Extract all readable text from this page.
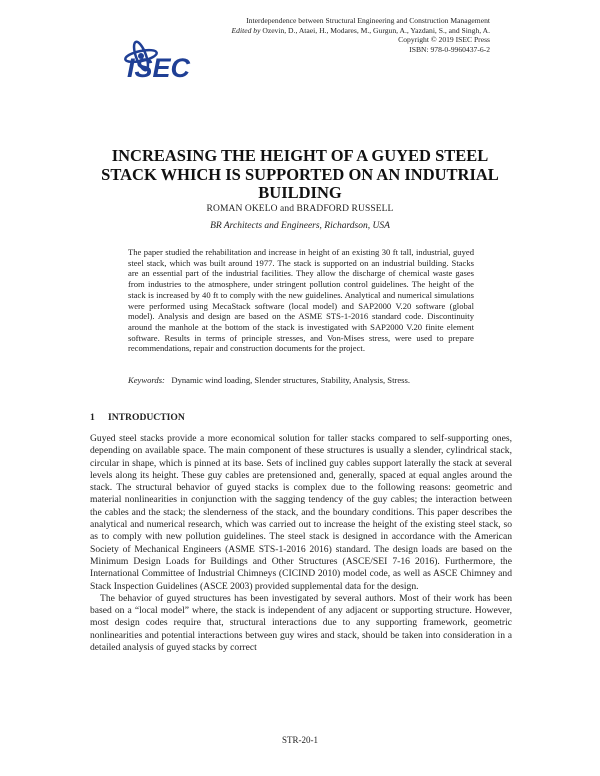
ISEC
Interdependence between Structural Engineering and Construction Management
Edited by Ozevin, D., Ataei, H., Modares, M., Gurgun, A., Yazdani, S., and Singh, A.
Copyright © 2019 ISEC Press
ISBN: 978-0-9960437-6-2
INCREASING THE HEIGHT OF A GUYED STEEL STACK WHICH IS SUPPORTED ON AN INDUTRIAL BUILDING
ROMAN OKELO and BRADFORD RUSSELL
BR Architects and Engineers, Richardson, USA
The paper studied the rehabilitation and increase in height of an existing 30 ft tall, industrial, guyed steel stack, which was built around 1977. The stack is supported on an industrial building. Stacks are an essential part of the industrial facilities. They allow the discharge of chemical waste gases from industries to the atmosphere, under stringent pollution control guidelines. The height of the stack is increased by 40 ft to comply with the new guidelines. Analytical and numerical simulations were performed using MecaStack software (local model) and SAP2000 V.20 software (global model). Analysis and design are based on the ASME STS-1-2016 standard code. Discontinuity around the manhole at the bottom of the stack is investigated with SAP2000 V.20 finite element software. Results in terms of principle stresses, and Von-Mises stress, were used to prepare recommendations, repair and construction documents for the project.
Keywords: Dynamic wind loading, Slender structures, Stability, Analysis, Stress.
1 INTRODUCTION

Guyed steel stacks provide a more economical solution for taller stacks compared to self-supporting ones, depending on available space. The main component of these structures is usually a slender, cylindrical stack, circular in shape, which is pinned at its base. Sets of inclined guy cables support laterally the stack at several levels along its height. These guy cables are pretensioned and, generally, spaced at equal angles around the stack. The structural behavior of guyed stacks is complex due to the following reasons: geometric and material nonlinearities in conjunction with the sagging tendency of the guy cables; the interaction between the cables and the stack; the slenderness of the stack, and the boundary conditions. This paper describes the analytical and numerical research, which was carried out to increase the height of the existing steel stack, so as to comply with new pollution guidelines. The steel stack is designed in accordance with the American Society of Mechanical Engineers (ASME STS-1-2016 2016) standard. The design loads are based on the Minimum Design Loads for Buildings and Other Structures (ASCE/SEI 7-16 2016). Furthermore, the International Committee of Industrial Chimneys (CICIND 2010) model code, as well as ASCE Chimney and Stack Inspection Guidelines (ASCE 2003) provided supplemental data for the design.

The behavior of guyed structures has been investigated by several authors. Most of their work has been based on a “local model” where, the stack is independent of any adjacent or supporting structure. However, most design codes require that, structural interactions due to any supporting framework, geometric nonlinearities and potential interactions between guy wires and stack, should be taken into consideration in a detailed analysis of guyed stacks by correct

STR-20-1
